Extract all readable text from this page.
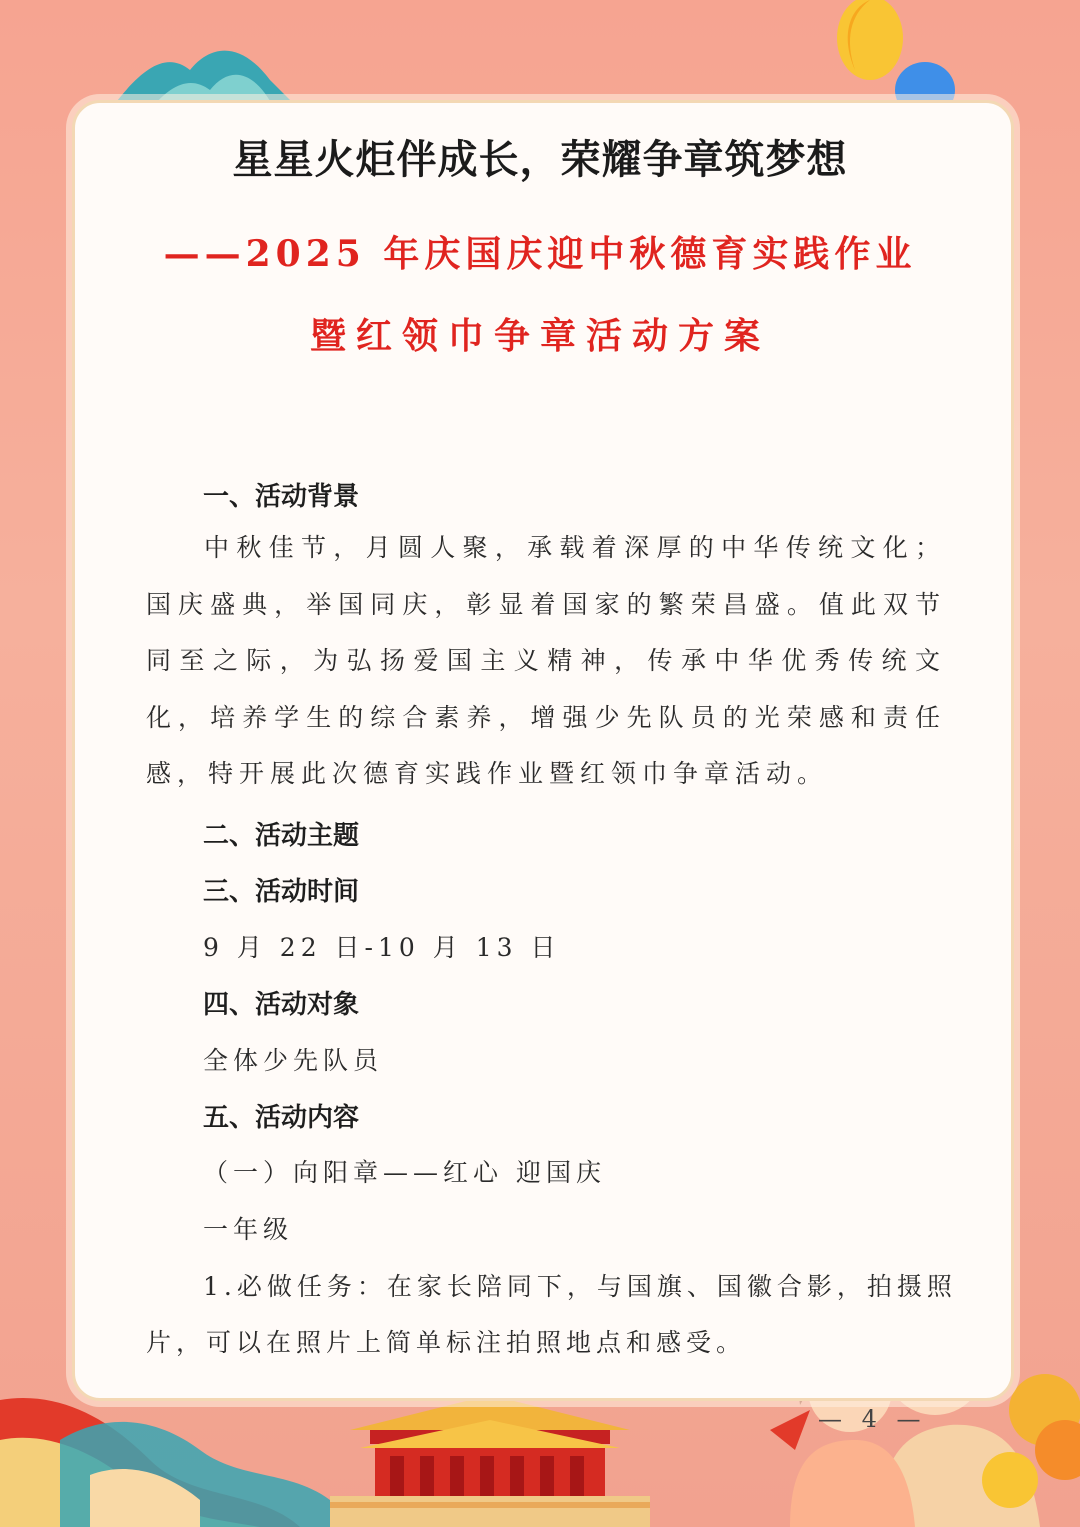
星星火炬伴成长，荣耀争章筑梦想
——2025 年庆国庆迎中秋德育实践作业
暨红领巾争章活动方案
一、活动背景
中秋佳节，月圆人聚，承载着深厚的中华传统文化；国庆盛典，举国同庆，彰显着国家的繁荣昌盛。值此双节同至之际，为弘扬爱国主义精神，传承中华优秀传统文化，培养学生的综合素养，增强少先队员的光荣感和责任感，特开展此次德育实践作业暨红领巾争章活动。
二、活动主题
三、活动时间
9 月 22 日-10 月 13 日
四、活动对象
全体少先队员
五、活动内容
（一）向阳章——红心 迎国庆
一年级
1.必做任务：在家长陪同下，与国旗、国徽合影，拍摄照
片，可以在照片上简单标注拍照地点和感受。
— 4 —
